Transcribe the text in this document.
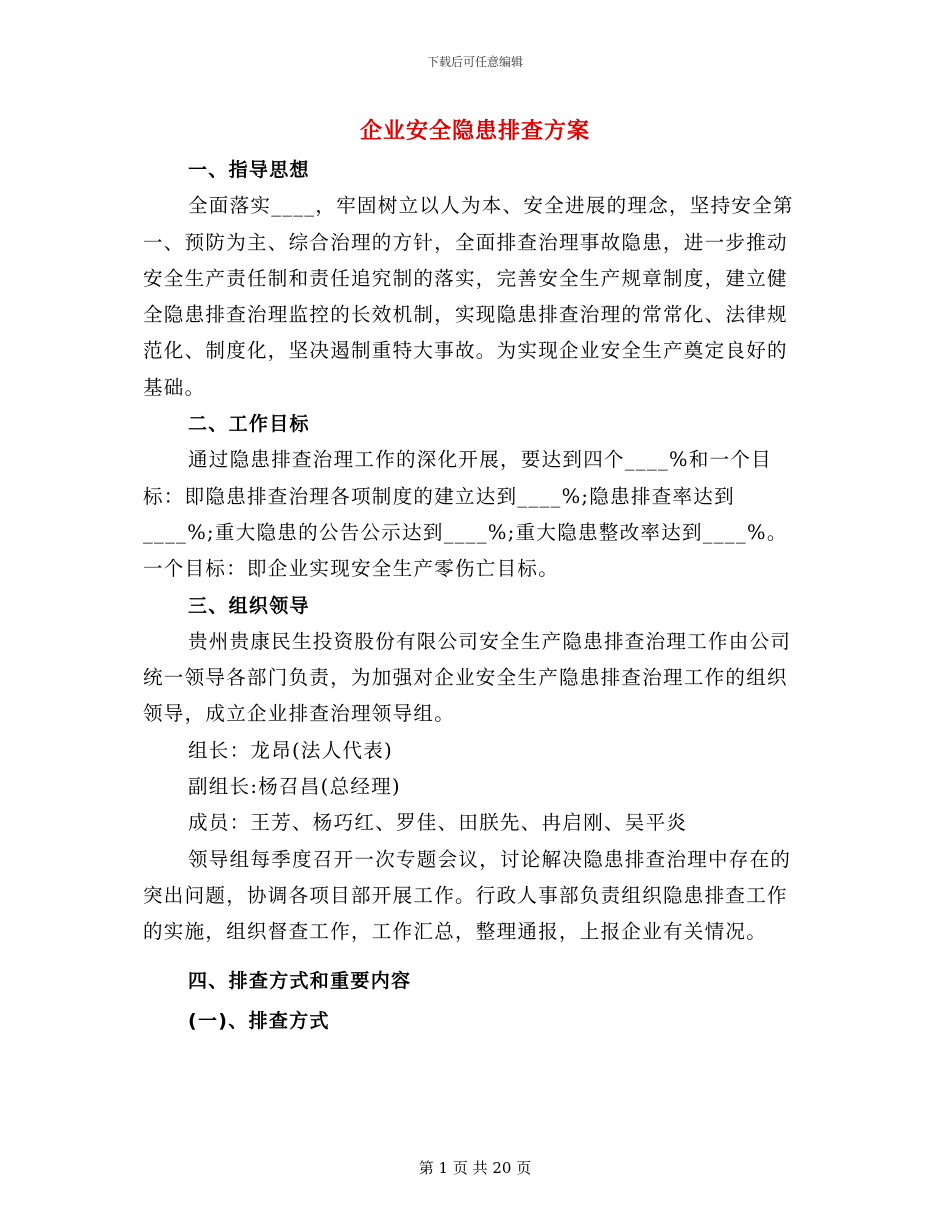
下载后可任意编辑
企业安全隐患排查方案

一、指导思想

全面落实____，牢固树立以人为本、安全进展的理念，坚持安全第一、预防为主、综合治理的方针，全面排查治理事故隐患，进一步推动安全生产责任制和责任追究制的落实，完善安全生产规章制度，建立健全隐患排查治理监控的长效机制，实现隐患排查治理的常常化、法律规范化、制度化，坚决遏制重特大事故。为实现企业安全生产奠定良好的基础。

二、工作目标

通过隐患排查治理工作的深化开展，要达到四个____%和一个目标：即隐患排查治理各项制度的建立达到____%;隐患排查率达到____%;重大隐患的公告公示达到____%;重大隐患整改率达到____%。一个目标：即企业实现安全生产零伤亡目标。

三、组织领导

贵州贵康民生投资股份有限公司安全生产隐患排查治理工作由公司统一领导各部门负责，为加强对企业安全生产隐患排查治理工作的组织领导，成立企业排查治理领导组。

组长：龙昂(法人代表)

副组长:杨召昌(总经理)

成员：王芳、杨巧红、罗佳、田朕先、冉启刚、吴平炎

领导组每季度召开一次专题会议，讨论解决隐患排查治理中存在的突出问题，协调各项目部开展工作。行政人事部负责组织隐患排查工作的实施，组织督查工作，工作汇总，整理通报，上报企业有关情况。

四、排查方式和重要内容

(一)、排查方式

第 1 页 共 20 页
